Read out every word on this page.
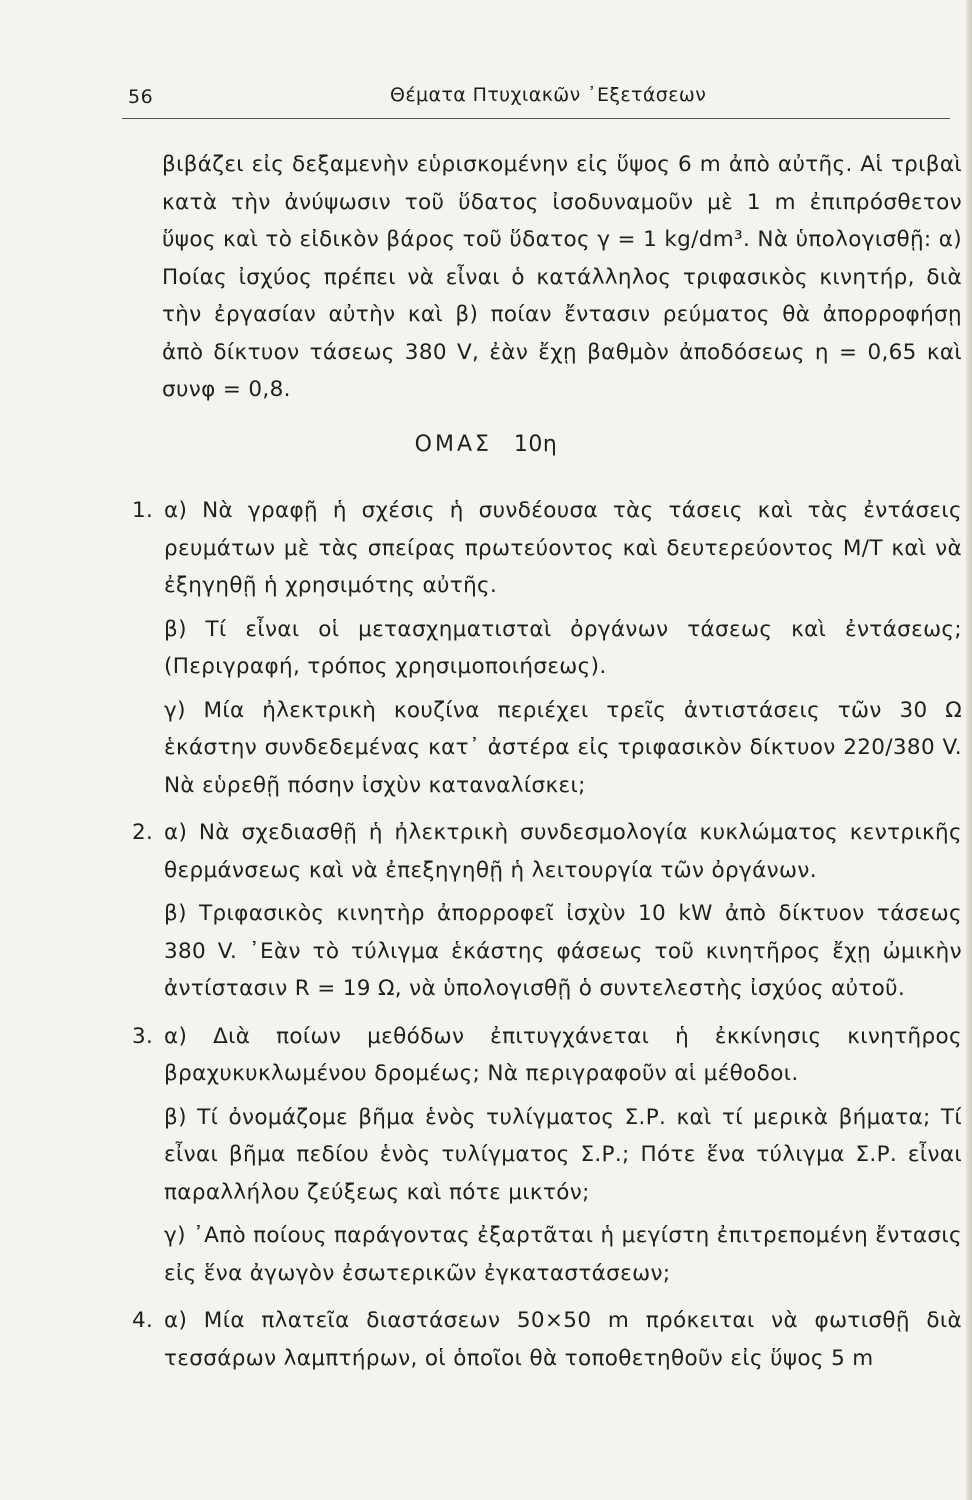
56	Θέματα Πτυχιακῶν ᾿Εξετάσεων

βιβάζει εἰς δεξαμενὴν εὑρισκομένην εἰς ὕψος 6 m ἀπὸ αὐτῆς. Αἱ τριβαὶ κατὰ τὴν ἀνύψωσιν τοῦ ὕδατος ἰσοδυναμοῦν μὲ 1 m ἐπιπρόσθετον ὕψος καὶ τὸ εἰδικὸν βάρος τοῦ ὕδατος γ = 1 kg/dm³. Νὰ ὑπολογισθῇ: α) Ποίας ἰσχύος πρέπει νὰ εἶναι ὁ κατάλληλος τριφασικὸς κινητήρ, διὰ τὴν ἐργασίαν αὐτὴν καὶ β) ποίαν ἔντασιν ρεύματος θὰ ἀπορροφήσῃ ἀπὸ δίκτυον τάσεως 380 V, ἐὰν ἔχῃ βαθμὸν ἀποδόσεως η = 0,65 καὶ συνφ = 0,8.

ΟΜΑΣ 10η
1. α) Νὰ γραφῇ ἡ σχέσις ἡ συνδέουσα τὰς τάσεις καὶ τὰς ἐντάσεις ρευμάτων μὲ τὰς σπείρας πρωτεύοντος καὶ δευτερεύοντος Μ/Τ καὶ νὰ ἐξηγηθῇ ἡ χρησιμότης αὐτῆς.

β) Τί εἶναι οἱ μετασχηματισταὶ ὀργάνων τάσεως καὶ ἐντάσεως; (Περιγραφή, τρόπος χρησιμοποιήσεως).

γ) Μία ἠλεκτρικὴ κουζίνα περιέχει τρεῖς ἀντιστάσεις τῶν 30 Ω ἑκάστην συνδεδεμένας κατ᾿ ἀστέρα εἰς τριφασικὸν δίκτυον 220/380 V. Νὰ εὑρεθῇ πόσην ἰσχὺν καταναλίσκει;

2. α) Νὰ σχεδιασθῇ ἡ ἠλεκτρικὴ συνδεσμολογία κυκλώματος κεντρικῆς θερμάνσεως καὶ νὰ ἐπεξηγηθῇ ἡ λειτουργία τῶν ὀργάνων.

β) Τριφασικὸς κινητὴρ ἀπορροφεῖ ἰσχὺν 10 kW ἀπὸ δίκτυον τάσεως 380 V. ᾿Εὰν τὸ τύλιγμα ἑκάστης φάσεως τοῦ κινητῆρος ἔχῃ ὠμικὴν ἀντίστασιν R = 19 Ω, νὰ ὑπολογισθῇ ὁ συντελεστὴς ἰσχύος αὐτοῦ.

3. α) Διὰ ποίων μεθόδων ἐπιτυγχάνεται ἡ ἐκκίνησις κινητῆρος βραχυκυκλωμένου δρομέως; Νὰ περιγραφοῦν αἱ μέθοδοι.

β) Τί ὀνομάζομε βῆμα ἑνὸς τυλίγματος Σ.Ρ. καὶ τί μερικὰ βήματα; Τί εἶναι βῆμα πεδίου ἑνὸς τυλίγματος Σ.Ρ.; Πότε ἕνα τύλιγμα Σ.Ρ. εἶναι παραλλήλου ζεύξεως καὶ πότε μικτόν;

γ) ᾿Απὸ ποίους παράγοντας ἐξαρτᾶται ἡ μεγίστη ἐπιτρεπομένη ἔντασις εἰς ἕνα ἀγωγὸν ἐσωτερικῶν ἐγκαταστάσεων;

4. α) Μία πλατεῖα διαστάσεων 50×50 m πρόκειται νὰ φωτισθῇ διὰ τεσσάρων λαμπτήρων, οἱ ὁποῖοι θὰ τοποθετηθοῦν εἰς ὕψος 5 m
